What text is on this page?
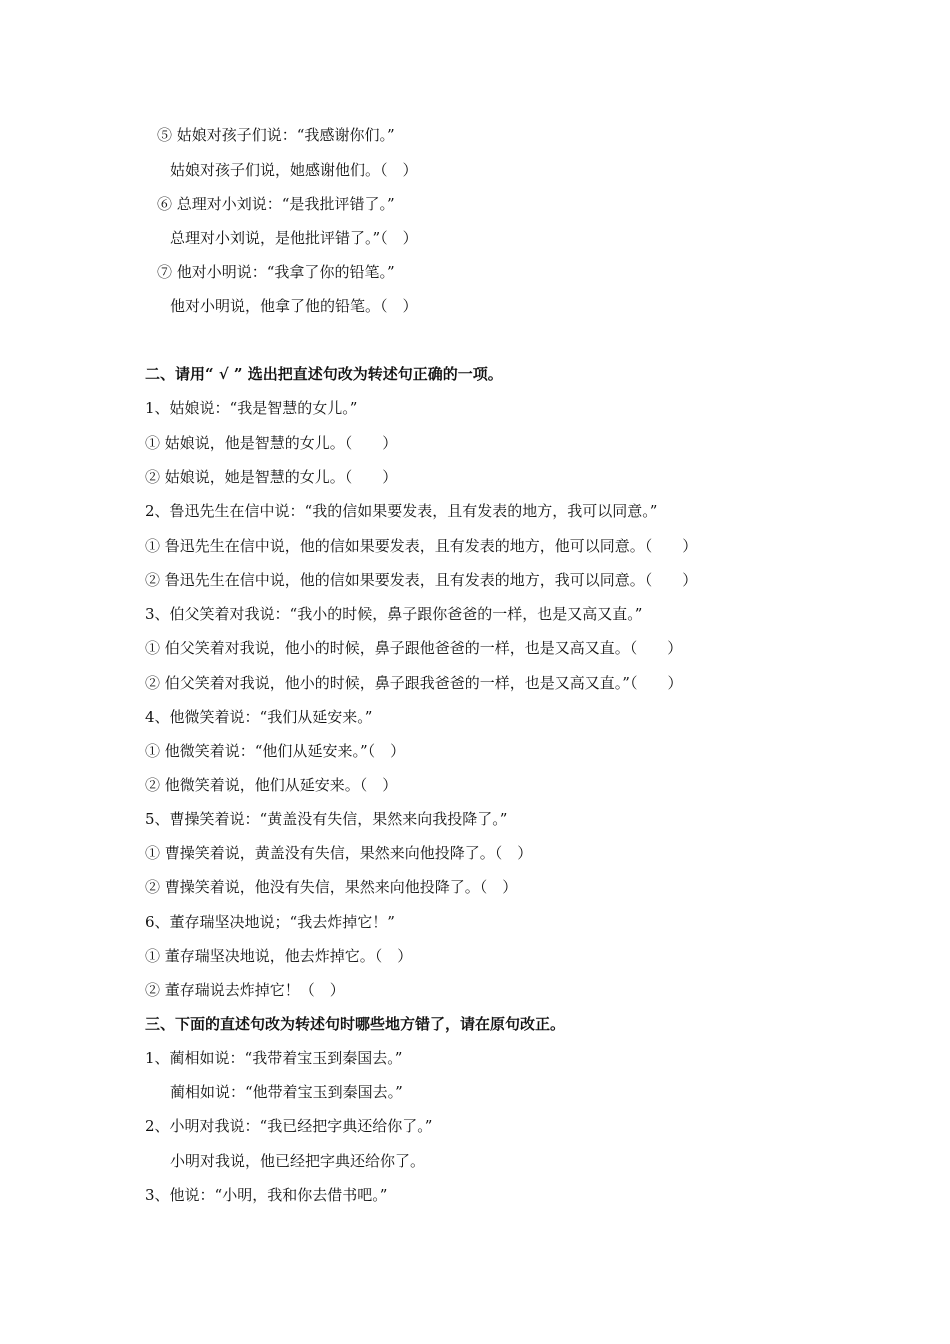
⑤ 姑娘对孩子们说：“我感谢你们。”
姑娘对孩子们说，她感谢他们。（　）
⑥ 总理对小刘说：“是我批评错了。”
总理对小刘说，是他批评错了。”（　）
⑦ 他对小明说：“我拿了你的铅笔。”
他对小明说，他拿了他的铅笔。（　）
二、请用“ √ ” 选出把直述句改为转述句正确的一项。
1、姑娘说：“我是智慧的女儿。”
① 姑娘说，他是智慧的女儿。（　　）
② 姑娘说，她是智慧的女儿。（　　）
2、鲁迅先生在信中说：“我的信如果要发表，且有发表的地方，我可以同意。”
① 鲁迅先生在信中说，他的信如果要发表，且有发表的地方，他可以同意。（　　）
② 鲁迅先生在信中说，他的信如果要发表，且有发表的地方，我可以同意。（　　）
3、伯父笑着对我说：“我小的时候，鼻子跟你爸爸的一样，也是又高又直。”
① 伯父笑着对我说，他小的时候，鼻子跟他爸爸的一样，也是又高又直。（　　）
② 伯父笑着对我说，他小的时候，鼻子跟我爸爸的一样，也是又高又直。”（　　）
4、他微笑着说：“我们从延安来。”
① 他微笑着说：“他们从延安来。”（　）
② 他微笑着说，他们从延安来。（　）
5、曹操笑着说：“黄盖没有失信，果然来向我投降了。”
① 曹操笑着说，黄盖没有失信，果然来向他投降了。（　）
② 曹操笑着说，他没有失信，果然来向他投降了。（　）
6、董存瑞坚决地说；“我去炸掉它！”
① 董存瑞坚决地说，他去炸掉它。（　）
② 董存瑞说去炸掉它！（　）
三、下面的直述句改为转述句时哪些地方错了，请在原句改正。
1、蔺相如说：“我带着宝玉到秦国去。”
蔺相如说：“他带着宝玉到秦国去。”
2、小明对我说：“我已经把字典还给你了。”
小明对我说，他已经把字典还给你了。
3、他说：“小明，我和你去借书吧。”
